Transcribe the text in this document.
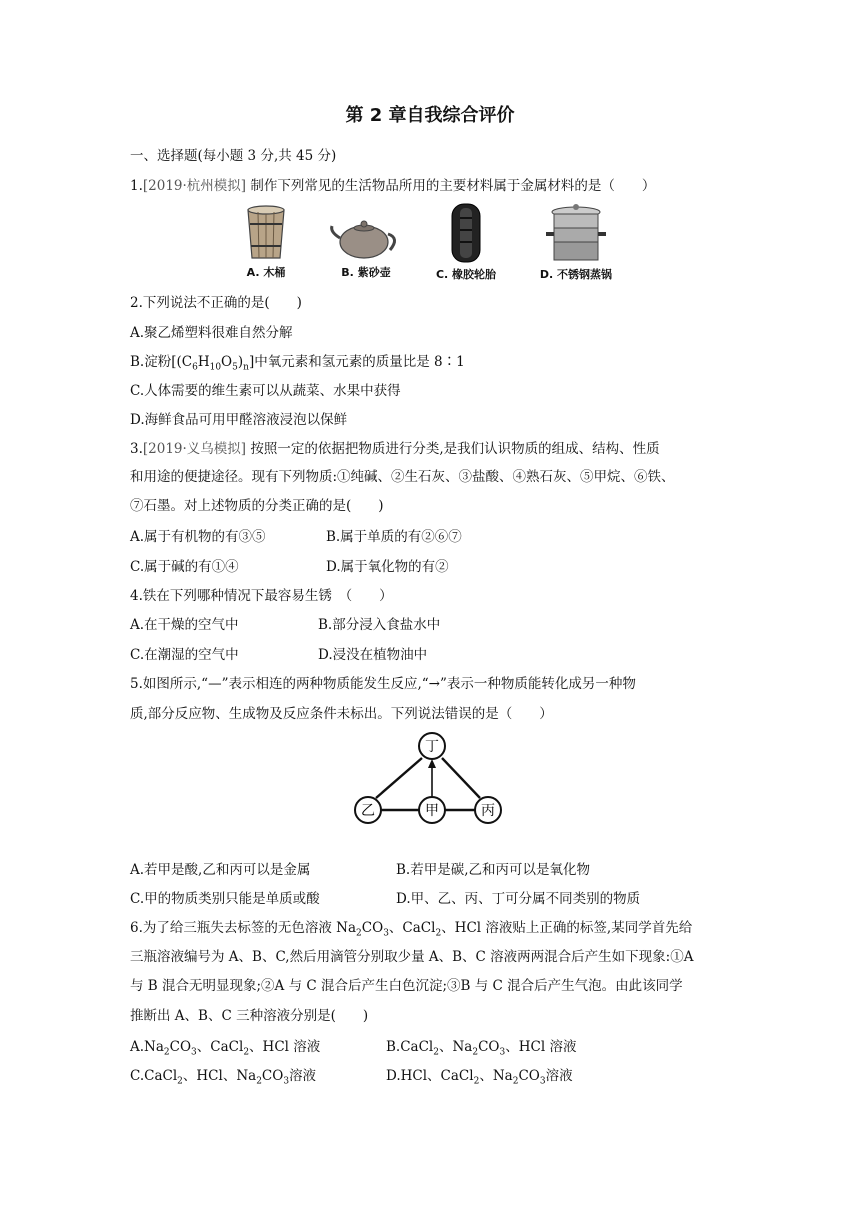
第 2 章自我综合评价
一、选择题(每小题 3 分,共 45 分)
1.[2019·杭州模拟] 制作下列常见的生活物品所用的主要材料属于金属材料的是（　　）
A. 木桶	B. 紫砂壶	C. 橡胶轮胎	D. 不锈钢蒸锅
2.下列说法不正确的是(　　)
A.聚乙烯塑料很难自然分解
B.淀粉$[(C_6H_{10}O_5)_n]$中氧元素和氢元素的质量比是 8∶1
C.人体需要的维生素可以从蔬菜、水果中获得
D.海鲜食品可用甲醛溶液浸泡以保鲜
3.[2019·义乌模拟] 按照一定的依据把物质进行分类,是我们认识物质的组成、结构、性质
和用途的便捷途径。现有下列物质:①纯碱、②生石灰、③盐酸、④熟石灰、⑤甲烷、⑥铁、
⑦石墨。对上述物质的分类正确的是(　　)
A.属于有机物的有③⑤	B.属于单质的有②⑥⑦
C.属于碱的有①④	D.属于氧化物的有②
4.铁在下列哪种情况下最容易生锈　（　　）
A.在干燥的空气中	B.部分浸入食盐水中
C.在潮湿的空气中	D.浸没在植物油中
5.如图所示,“—”表示相连的两种物质能发生反应,“→”表示一种物质能转化成另一种物
质,部分反应物、生成物及反应条件未标出。下列说法错误的是（　　）
丁
乙	甲	丙
A.若甲是酸,乙和丙可以是金属	B.若甲是碳,乙和丙可以是氧化物
C.甲的物质类别只能是单质或酸	D.甲、乙、丙、丁可分属不同类别的物质
6.为了给三瓶失去标签的无色溶液 $Na_2CO_3$、CaCl$_2$、HCl 溶液贴上正确的标签,某同学首先给
三瓶溶液编号为 A、B、C,然后用滴管分别取少量 A、B、C 溶液两两混合后产生如下现象:①A
与 B 混合无明显现象;②A 与 C 混合后产生白色沉淀;③B 与 C 混合后产生气泡。由此该同学
推断出 A、B、C 三种溶液分别是(　　)
$A.Na_2CO_3$、CaCl$_2$、HCl 溶液	B.CaCl$_2$、$Na_2CO_3$、HCl 溶液
C.CaCl$_2$、HCl、$Na_2CO_3$溶液	D.HCl、CaCl$_2$、$Na_2CO_3$溶液
